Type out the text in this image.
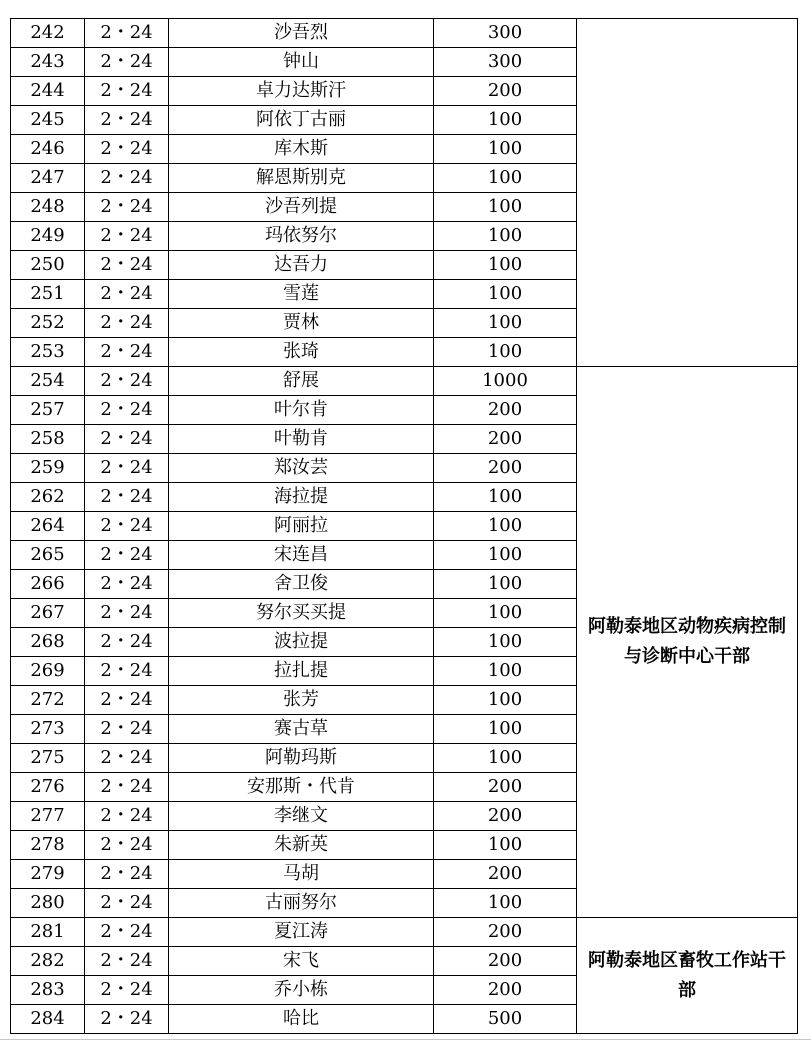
242	2・24	沙吾烈	300	
243	2・24	钟山	300	
244	2・24	卓力达斯汗	200	
245	2・24	阿依丁古丽	100	
246	2・24	库木斯	100	
247	2・24	解恩斯别克	100	
248	2・24	沙吾列提	100	
249	2・24	玛依努尔	100	
250	2・24	达吾力	100	
251	2・24	雪莲	100	
252	2・24	贾林	100	
253	2・24	张琦	100	
254	2・24	舒展	1000	阿勒泰地区动物疾病控制与诊断中心干部
257	2・24	叶尔肯	200	
258	2・24	叶勒肯	200	
259	2・24	郑汝芸	200	
262	2・24	海拉提	100	
264	2・24	阿丽拉	100	
265	2・24	宋连昌	100	
266	2・24	舍卫俊	100	
267	2・24	努尔买买提	100	
268	2・24	波拉提	100	
269	2・24	拉扎提	100	
272	2・24	张芳	100	
273	2・24	赛古草	100	
275	2・24	阿勒玛斯	100	
276	2・24	安那斯・代肯	200	
277	2・24	李继文	200	
278	2・24	朱新英	100	
279	2・24	马胡	200	
280	2・24	古丽努尔	100	
281	2・24	夏江涛	200	阿勒泰地区畜牧工作站干部
282	2・24	宋飞	200	
283	2・24	乔小栋	200	
284	2・24	哈比	500	
